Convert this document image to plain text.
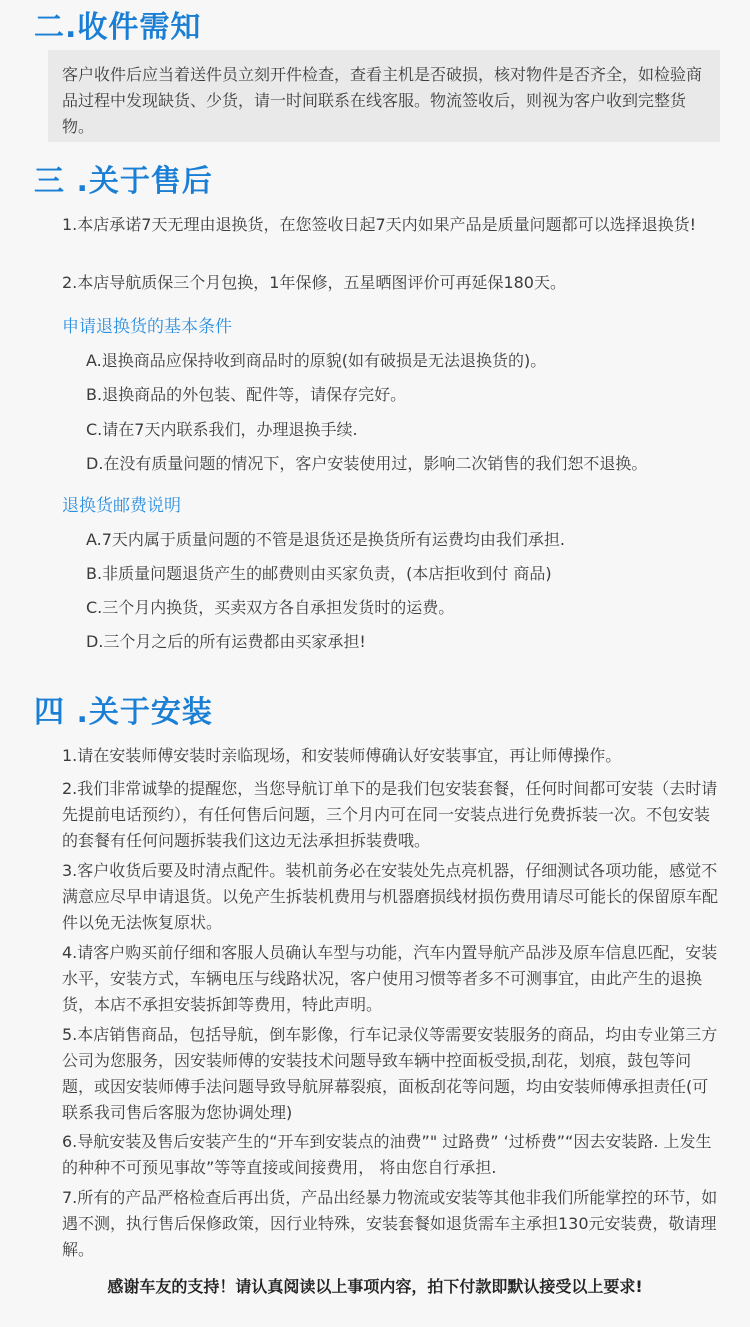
二.收件需知

客户收件后应当着送件员立刻开件检查，查看主机是否破损，核对物件是否齐全，如检验商品过程中发现缺货、少货，请一时间联系在线客服。物流签收后，则视为客户收到完整货物。

三 .关于售后

1.本店承诺7天无理由退换货，在您签收日起7天内如果产品是质量问题都可以选择退换货!

2.本店导航质保三个月包换，1年保修，五星晒图评价可再延保180天。

申请退换货的基本条件
A.退换商品应保持收到商品时的原貌(如有破损是无法退换货的)。
B.退换商品的外包装、配件等，请保存完好。
C.请在7天内联系我们，办理退换手续.
D.在没有质量问题的情况下，客户安装使用过，影响二次销售的我们恕不退换。
退换货邮费说明
A.7天内属于质量问题的不管是退货还是换货所有运费均由我们承担.
B.非质量问题退货产生的邮费则由买家负责，(本店拒收到付 商品)
C.三个月内换货，买卖双方各自承担发货时的运费。
D.三个月之后的所有运费都由买家承担!
四 .关于安装

1.请在安装师傅安装时亲临现场，和安装师傅确认好安装事宜，再让师傅操作。

2.我们非常诚挚的提醒您，当您导航订单下的是我们包安装套餐，任何时间都可安装（去时请先提前电话预约），有任何售后问题，三个月内可在同一安装点进行免费拆装一次。不包安装的套餐有任何问题拆装我们这边无法承担拆装费哦。

3.客户收货后要及时清点配件。装机前务必在安装处先点亮机器，仔细测试各项功能，感觉不满意应尽早申请退货。以免产生拆装机费用与机器磨损线材损伤费用请尽可能长的保留原车配件以免无法恢复原状。

4.请客户购买前仔细和客服人员确认车型与功能，汽车内置导航产品涉及原车信息匹配，安装水平，安装方式，车辆电压与线路状况，客户使用习惯等者多不可测事宜，由此产生的退换货，本店不承担安装拆卸等费用，特此声明。

5.本店销售商品，包括导航，倒车影像，行车记录仪等需要安装服务的商品，均由专业第三方公司为您服务，因安装师傅的安装技术问题导致车辆中控面板受损,刮花，划痕，鼓包等问题，或因安装师傅手法问题导致导航屏幕裂痕，面板刮花等问题，均由安装师傅承担责任(可联系我司售后客服为您协调处理)

6.导航安装及售后安装产生的“开车到安装点的油费”" 过路费” ‘过桥费”“因去安装路. 上发生的种种不可预见事故”等等直接或间接费用， 将由您自行承担.

7.所有的产品严格检查后再出货，产品出经暴力物流或安装等其他非我们所能掌控的环节，如遇不测，执行售后保修政策，因行业特殊，安装套餐如退货需车主承担130元安装费，敬请理解。

感谢车友的支持！请认真阅读以上事项内容，拍下付款即默认接受以上要求!
